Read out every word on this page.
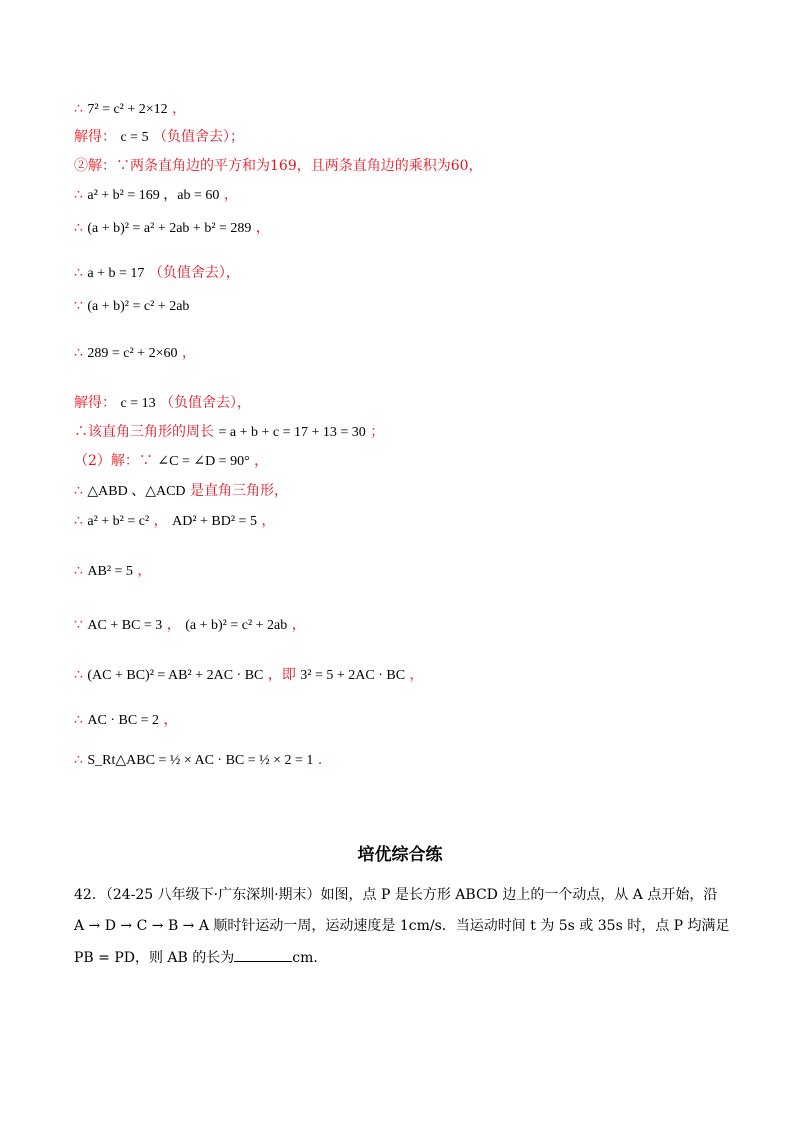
∴ 7² = c² + 2×12 ，
解得： c = 5 （负值舍去）；
②解：∵两条直角边的平方和为169，且两条直角边的乘积为60，
∴ a² + b² = 169 ，ab = 60 ，
∴ (a + b)² = a² + 2ab + b² = 289 ，
∴ a + b = 17 （负值舍去），
∵ (a + b)² = c² + 2ab
∴ 289 = c² + 2×60 ，
解得： c = 13 （负值舍去），
∴该直角三角形的周长 = a + b + c = 17 + 13 = 30 ；
（2）解：∵ ∠C = ∠D = 90° ，
∴ △ABD 、△ACD 是直角三角形，
∴ a² + b² = c² ， AD² + BD² = 5 ，
∴ AB² = 5 ，
∵ AC + BC = 3 ， (a + b)² = c² + 2ab ，
∴ (AC + BC)² = AB² + 2AC · BC ，即 3² = 5 + 2AC · BC ，
∴ AC · BC = 2 ，
∴ S_Rt△ABC = ½ × AC · BC = ½ × 2 = 1 ．
培优综合练
42．（24-25 八年级下·广东深圳·期末）如图，点 P 是长方形 ABCD 边上的一个动点，从 A 点开始，沿
A → D → C → B → A 顺时针运动一周，运动速度是 1cm/s．当运动时间 t 为 5s 或 35s 时，点 P 均满足
PB = PD，则 AB 的长为	cm．
